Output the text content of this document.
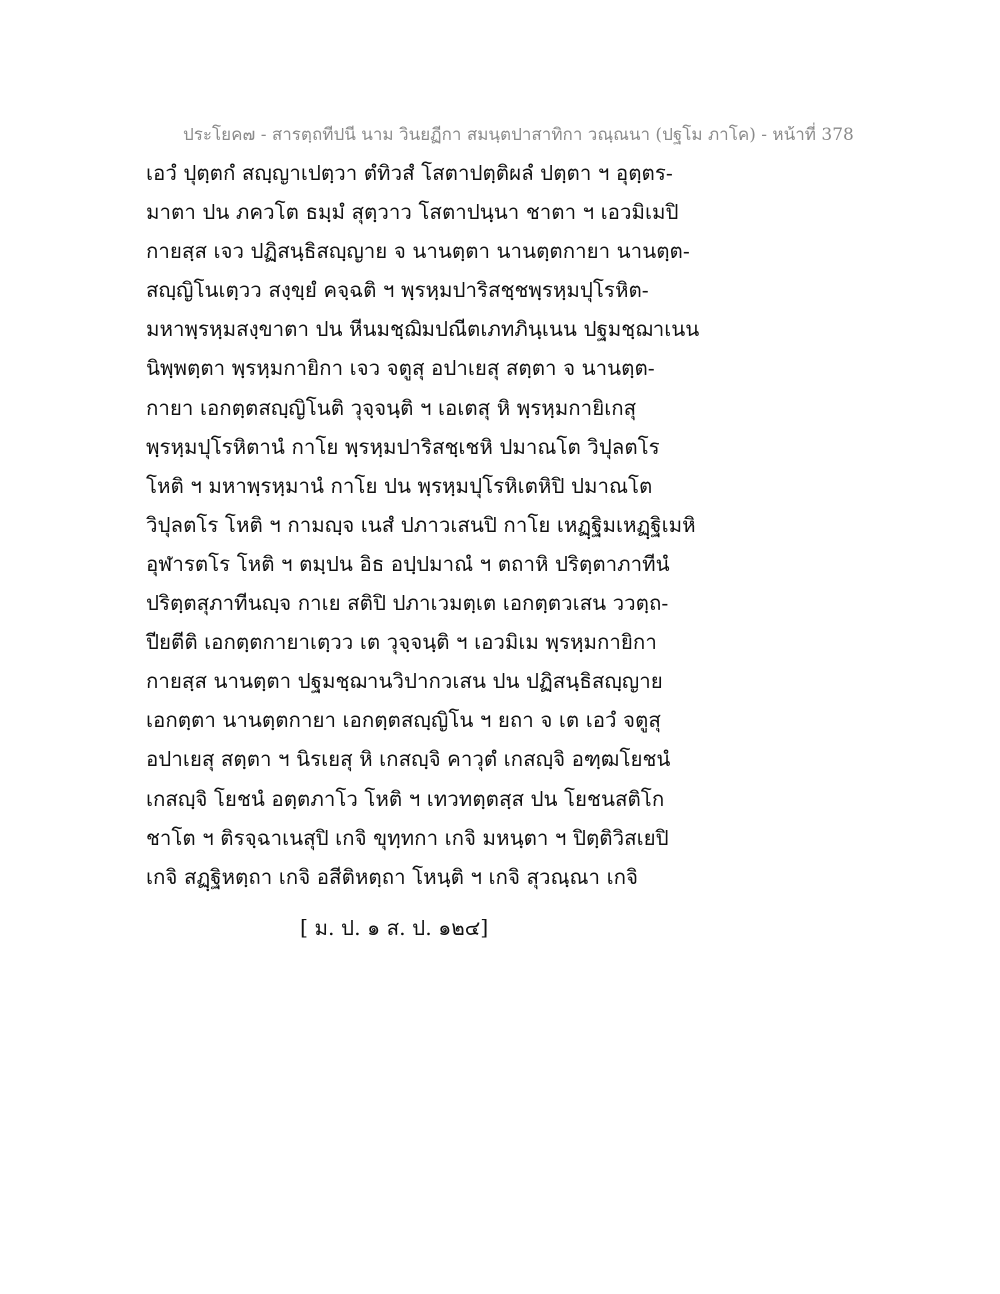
ประโยค๗ - สารตฺถทีปนี นาม วินยฏีกา สมนฺตปาสาทิกา วณฺณนา (ปฐโม ภาโค) - หน้าที่ 378
เอวํ ปุตฺตกํ สญฺญาเปตฺวา ตํทิวสํ โสตาปตฺติผลํ ปตฺตา ฯ อุตฺตร-
มาตา ปน ภควโต ธมฺมํ สุตฺวาว โสตาปนฺนา ชาตา ฯ เอวมิเมปิ
กายสฺส เจว ปฏิสนฺธิสญฺญาย จ นานตฺตา นานตฺตกายา นานตฺต-
สญฺญิโนเตฺวว สงฺขฺยํ คจฺฉติ ฯ พฺรหฺมปาริสชฺชพฺรหฺมปุโรหิต-
มหาพฺรหฺมสงฺขาตา ปน หีนมชฺฌิมปณีตเภทภินฺเนน ปฐมชฺฌาเนน
นิพฺพตฺตา พฺรหฺมกายิกา เจว จตูสุ อปาเยสุ สตฺตา จ นานตฺต-
กายา เอกตฺตสญฺญิโนติ วุจฺจนฺติ ฯ เอเตสุ หิ พฺรหฺมกายิเกสุ
พฺรหฺมปุโรหิตานํ กาโย พฺรหฺมปาริสชฺเชหิ ปมาณโต วิปุลตโร
โหติ ฯ มหาพฺรหฺมานํ กาโย ปน พฺรหฺมปุโรหิเตหิปิ ปมาณโต
วิปุลตโร โหติ ฯ กามญฺจ เนสํ ปภาวเสนปิ กาโย เหฏฺฐิมเหฏฺฐิเมหิ
อุฬารตโร โหติ ฯ ตมฺปน อิธ อปฺปมาณํ ฯ ตถาหิ ปริตฺตาภาทีนํ
ปริตฺตสุภาทีนญฺจ กาเย สติปิ ปภาเวมตฺเต เอกตฺตวเสน ววตฺถ-
ปียตีติ เอกตฺตกายาเตฺวว เต วุจฺจนฺติ ฯ เอวมิเม พฺรหฺมกายิกา
กายสฺส นานตฺตา ปฐมชฺฌานวิปากวเสน ปน ปฏิสนฺธิสญฺญาย
เอกตฺตา นานตฺตกายา เอกตฺตสญฺญิโน ฯ ยถา จ เต เอวํ จตูสุ
อปาเยสุ สตฺตา ฯ นิรเยสุ หิ เกสญฺจิ คาวุตํ เกสญฺจิ อฑฺฒโยชนํ
เกสญฺจิ โยชนํ อตฺตภาโว โหติ ฯ เทวทตฺตสฺส ปน โยชนสติโก
ชาโต ฯ ติรจฺฉาเนสุปิ เกจิ ขุทฺทกา เกจิ มหนฺตา ฯ ปิตฺติวิสเยปิ
เกจิ สฏฺฐิหตฺถา เกจิ อสีติหตฺถา โหนฺติ ฯ เกจิ สุวณฺณา เกจิ
[ ม. ป. ๑ ส. ป. ๑๒๔]
